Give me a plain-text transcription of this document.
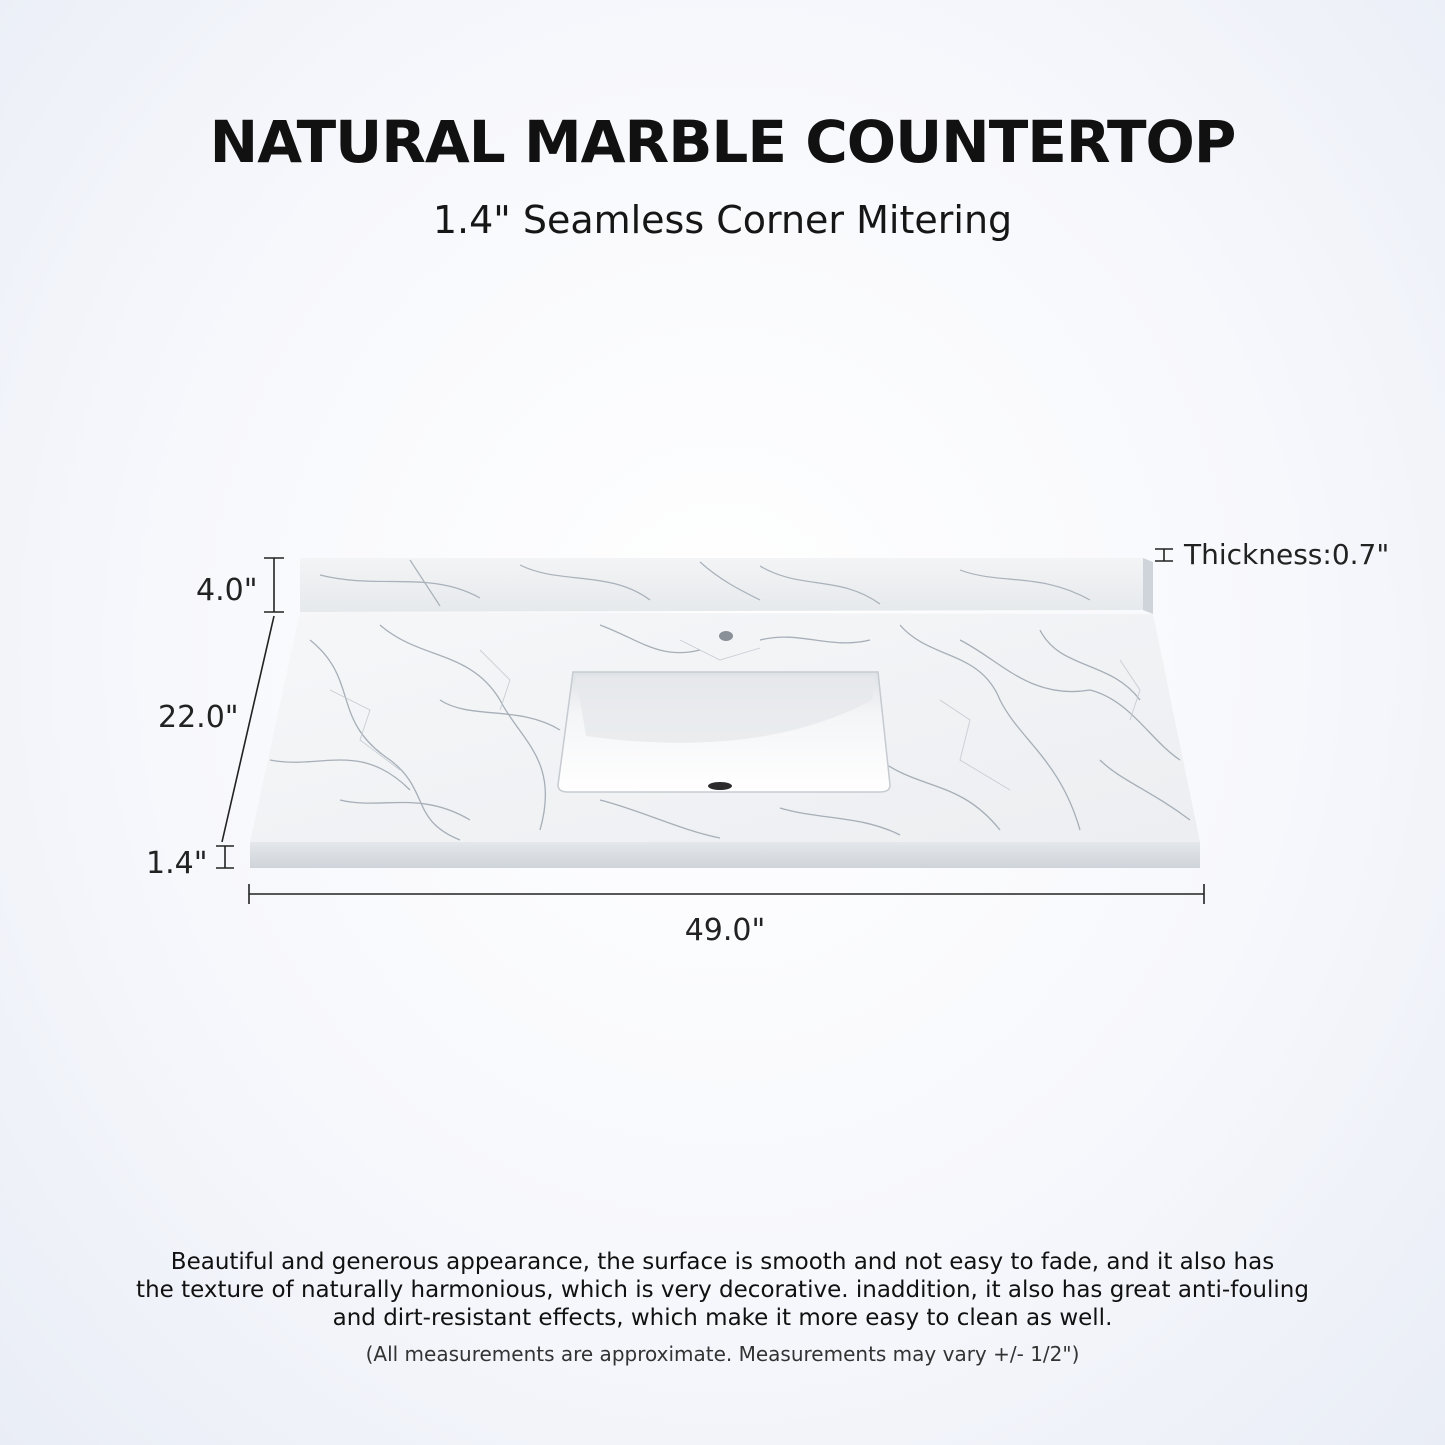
NATURAL MARBLE COUNTERTOP
1.4" Seamless Corner Mitering
4.0"
22.0"
1.4"
49.0"
Thickness:0.7"
Beautiful and generous appearance, the surface is smooth and not easy to fade, and it also has
the texture of naturally harmonious, which is very decorative. inaddition, it also has great anti-fouling
and dirt-resistant effects, which make it more easy to clean as well.
(All measurements are approximate. Measurements may vary +/- 1/2")
